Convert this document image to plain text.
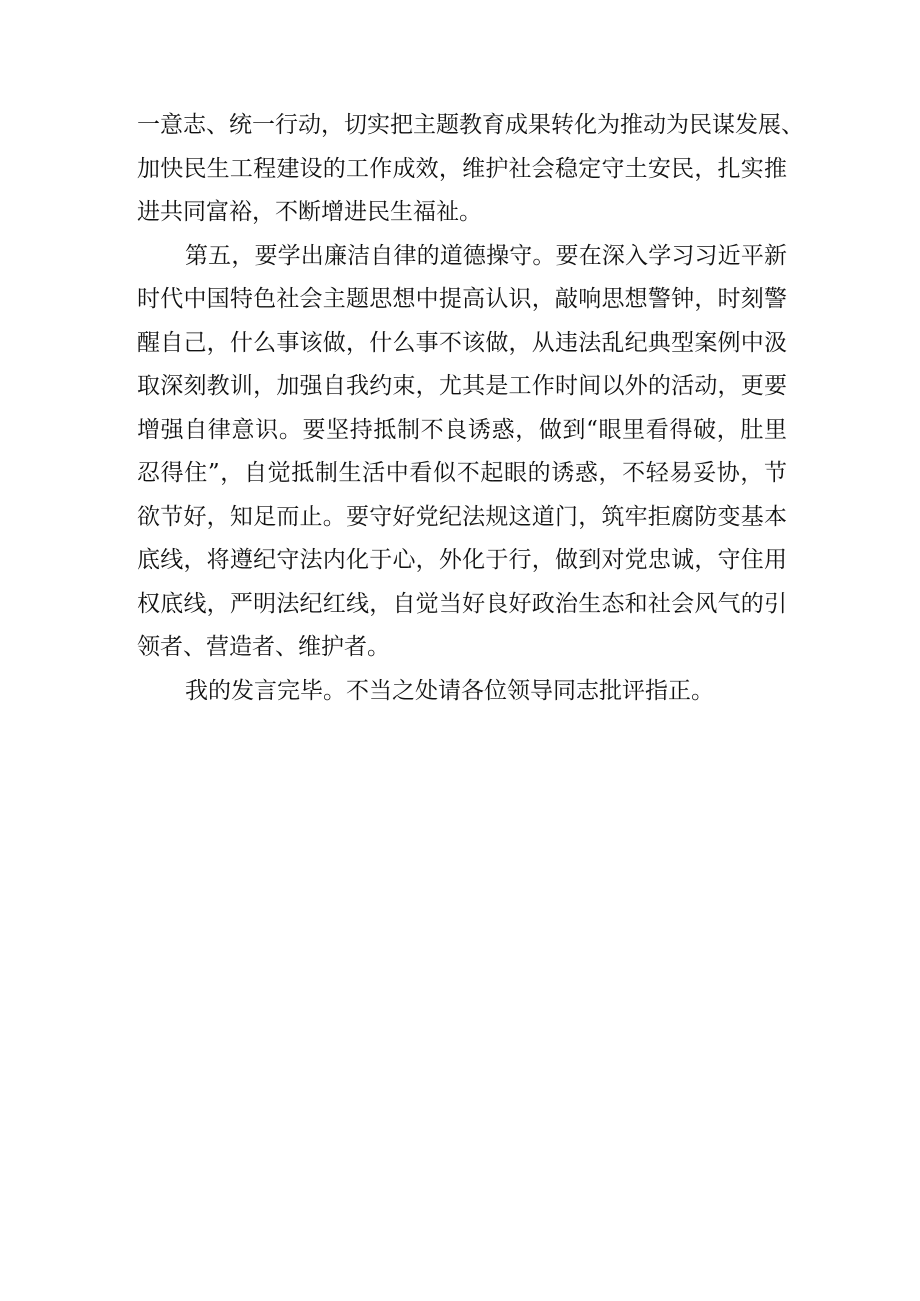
一意志、统一行动，切实把主题教育成果转化为推动为民谋发展、
加快民生工程建设的工作成效，维护社会稳定守土安民，扎实推
进共同富裕，不断增进民生福祉。
第五，要学出廉洁自律的道德操守。要在深入学习习近平新
时代中国特色社会主题思想中提高认识，敲响思想警钟，时刻警
醒自己，什么事该做，什么事不该做，从违法乱纪典型案例中汲
取深刻教训，加强自我约束，尤其是工作时间以外的活动，更要
增强自律意识。要坚持抵制不良诱惑，做到“眼里看得破，肚里
忍得住”，自觉抵制生活中看似不起眼的诱惑，不轻易妥协，节
欲节好，知足而止。要守好党纪法规这道门，筑牢拒腐防变基本
底线，将遵纪守法内化于心，外化于行，做到对党忠诚，守住用
权底线，严明法纪红线，自觉当好良好政治生态和社会风气的引
领者、营造者、维护者。
我的发言完毕。不当之处请各位领导同志批评指正。
